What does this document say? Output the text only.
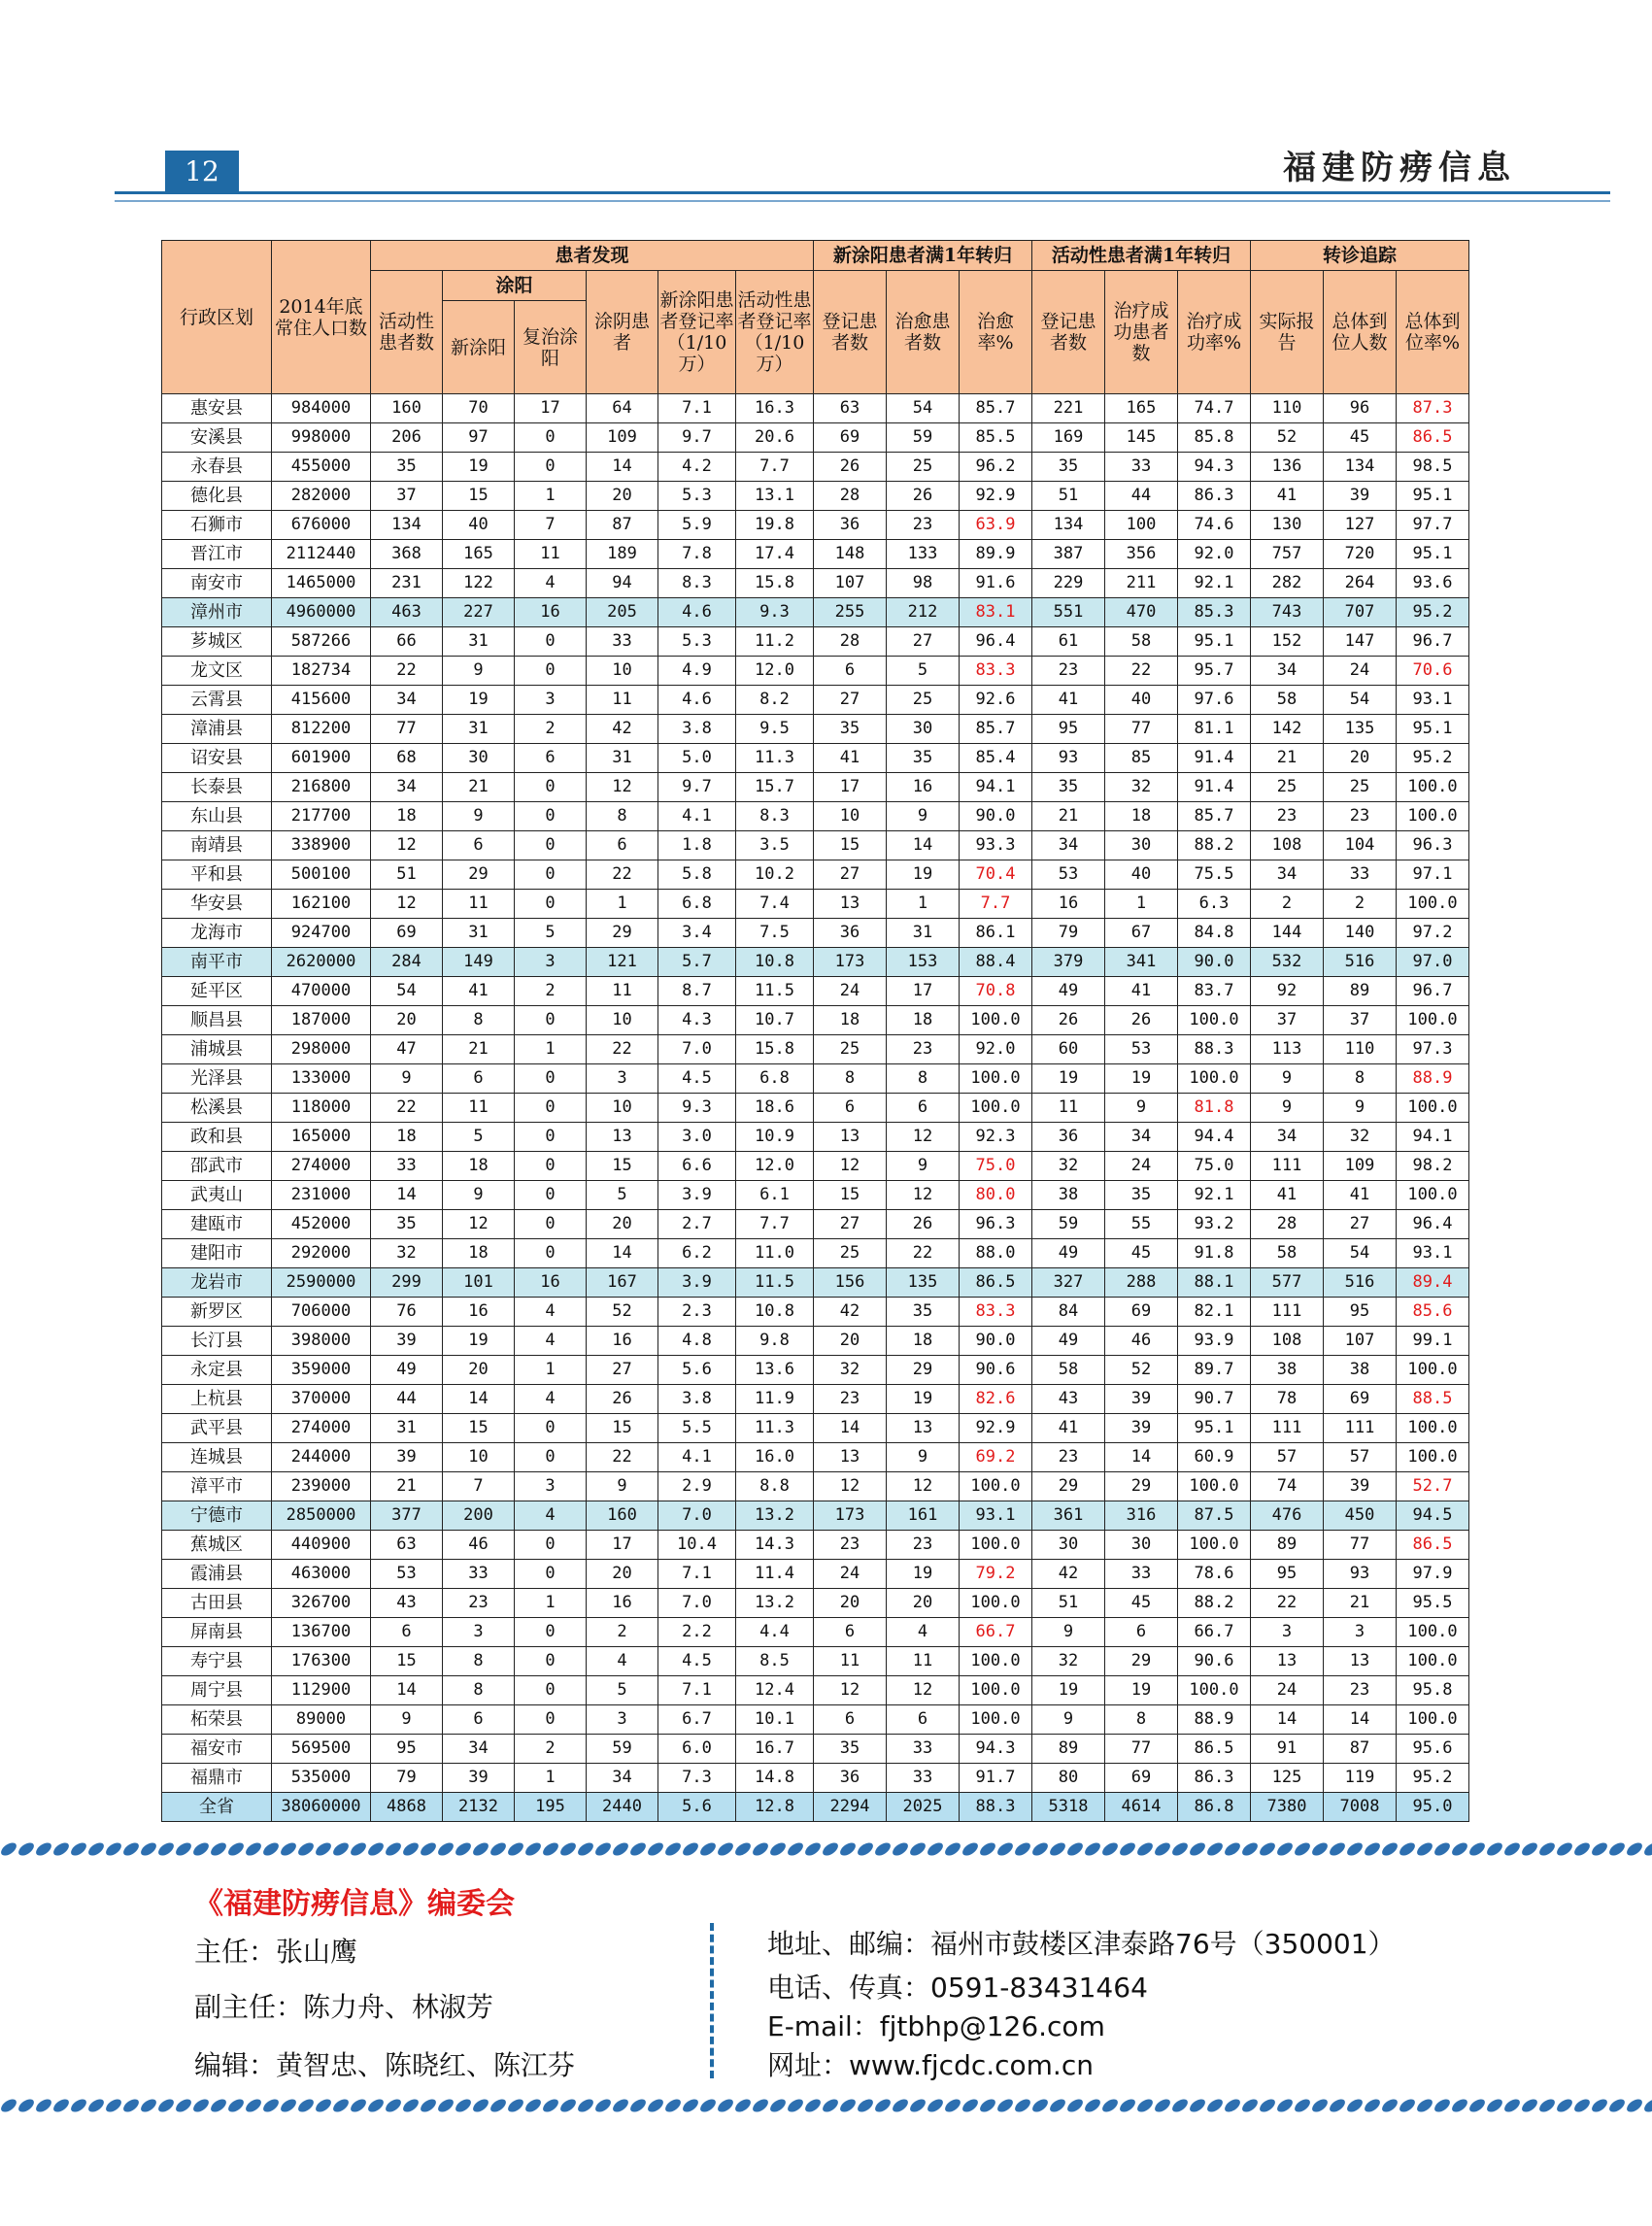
12	福建防痨信息
行政区划	2014年底常住人口数	患者发现						新涂阳患者满1年转归			活动性患者满1年转归			转诊追踪		
		活动性患者数	涂阳		涂阴患者	新涂阳患者登记率（1/10万）	活动性患者登记率（1/10万）	登记患者数	治愈患者数	治愈率%	登记患者数	治疗成功患者数	治疗成功率%	实际报告	总体到位人数	总体到位率%
			新涂阳	复治涂阳												
惠安县	984000	160	70	17	64	7.1	16.3	63	54	85.7	221	165	74.7	110	96	87.3
安溪县	998000	206	97	0	109	9.7	20.6	69	59	85.5	169	145	85.8	52	45	86.5
永春县	455000	35	19	0	14	4.2	7.7	26	25	96.2	35	33	94.3	136	134	98.5
德化县	282000	37	15	1	20	5.3	13.1	28	26	92.9	51	44	86.3	41	39	95.1
石狮市	676000	134	40	7	87	5.9	19.8	36	23	63.9	134	100	74.6	130	127	97.7
晋江市	2112440	368	165	11	189	7.8	17.4	148	133	89.9	387	356	92.0	757	720	95.1
南安市	1465000	231	122	4	94	8.3	15.8	107	98	91.6	229	211	92.1	282	264	93.6
漳州市	4960000	463	227	16	205	4.6	9.3	255	212	83.1	551	470	85.3	743	707	95.2
芗城区	587266	66	31	0	33	5.3	11.2	28	27	96.4	61	58	95.1	152	147	96.7
龙文区	182734	22	9	0	10	4.9	12.0	6	5	83.3	23	22	95.7	34	24	70.6
云霄县	415600	34	19	3	11	4.6	8.2	27	25	92.6	41	40	97.6	58	54	93.1
漳浦县	812200	77	31	2	42	3.8	9.5	35	30	85.7	95	77	81.1	142	135	95.1
诏安县	601900	68	30	6	31	5.0	11.3	41	35	85.4	93	85	91.4	21	20	95.2
长泰县	216800	34	21	0	12	9.7	15.7	17	16	94.1	35	32	91.4	25	25	100.0
东山县	217700	18	9	0	8	4.1	8.3	10	9	90.0	21	18	85.7	23	23	100.0
南靖县	338900	12	6	0	6	1.8	3.5	15	14	93.3	34	30	88.2	108	104	96.3
平和县	500100	51	29	0	22	5.8	10.2	27	19	70.4	53	40	75.5	34	33	97.1
华安县	162100	12	11	0	1	6.8	7.4	13	1	7.7	16	1	6.3	2	2	100.0
龙海市	924700	69	31	5	29	3.4	7.5	36	31	86.1	79	67	84.8	144	140	97.2
南平市	2620000	284	149	3	121	5.7	10.8	173	153	88.4	379	341	90.0	532	516	97.0
延平区	470000	54	41	2	11	8.7	11.5	24	17	70.8	49	41	83.7	92	89	96.7
顺昌县	187000	20	8	0	10	4.3	10.7	18	18	100.0	26	26	100.0	37	37	100.0
浦城县	298000	47	21	1	22	7.0	15.8	25	23	92.0	60	53	88.3	113	110	97.3
光泽县	133000	9	6	0	3	4.5	6.8	8	8	100.0	19	19	100.0	9	8	88.9
松溪县	118000	22	11	0	10	9.3	18.6	6	6	100.0	11	9	81.8	9	9	100.0
政和县	165000	18	5	0	13	3.0	10.9	13	12	92.3	36	34	94.4	34	32	94.1
邵武市	274000	33	18	0	15	6.6	12.0	12	9	75.0	32	24	75.0	111	109	98.2
武夷山	231000	14	9	0	5	3.9	6.1	15	12	80.0	38	35	92.1	41	41	100.0
建瓯市	452000	35	12	0	20	2.7	7.7	27	26	96.3	59	55	93.2	28	27	96.4
建阳市	292000	32	18	0	14	6.2	11.0	25	22	88.0	49	45	91.8	58	54	93.1
龙岩市	2590000	299	101	16	167	3.9	11.5	156	135	86.5	327	288	88.1	577	516	89.4
新罗区	706000	76	16	4	52	2.3	10.8	42	35	83.3	84	69	82.1	111	95	85.6
长汀县	398000	39	19	4	16	4.8	9.8	20	18	90.0	49	46	93.9	108	107	99.1
永定县	359000	49	20	1	27	5.6	13.6	32	29	90.6	58	52	89.7	38	38	100.0
上杭县	370000	44	14	4	26	3.8	11.9	23	19	82.6	43	39	90.7	78	69	88.5
武平县	274000	31	15	0	15	5.5	11.3	14	13	92.9	41	39	95.1	111	111	100.0
连城县	244000	39	10	0	22	4.1	16.0	13	9	69.2	23	14	60.9	57	57	100.0
漳平市	239000	21	7	3	9	2.9	8.8	12	12	100.0	29	29	100.0	74	39	52.7
宁德市	2850000	377	200	4	160	7.0	13.2	173	161	93.1	361	316	87.5	476	450	94.5
蕉城区	440900	63	46	0	17	10.4	14.3	23	23	100.0	30	30	100.0	89	77	86.5
霞浦县	463000	53	33	0	20	7.1	11.4	24	19	79.2	42	33	78.6	95	93	97.9
古田县	326700	43	23	1	16	7.0	13.2	20	20	100.0	51	45	88.2	22	21	95.5
屏南县	136700	6	3	0	2	2.2	4.4	6	4	66.7	9	6	66.7	3	3	100.0
寿宁县	176300	15	8	0	4	4.5	8.5	11	11	100.0	32	29	90.6	13	13	100.0
周宁县	112900	14	8	0	5	7.1	12.4	12	12	100.0	19	19	100.0	24	23	95.8
柘荣县	89000	9	6	0	3	6.7	10.1	6	6	100.0	9	8	88.9	14	14	100.0
福安市	569500	95	34	2	59	6.0	16.7	35	33	94.3	89	77	86.5	91	87	95.6
福鼎市	535000	79	39	1	34	7.3	14.8	36	33	91.7	80	69	86.3	125	119	95.2
全省	38060000	4868	2132	195	2440	5.6	12.8	2294	2025	88.3	5318	4614	86.8	7380	7008	95.0
《福建防痨信息》编委会
主任：张山鹰
副主任：陈力舟、林淑芳
编辑：黄智忠、陈晓红、陈江芬
地址、邮编：福州市鼓楼区津泰路76号（350001）
电话、传真：0591-83431464
E-mail：fjtbhp@126.com
网址：www.fjcdc.com.cn
